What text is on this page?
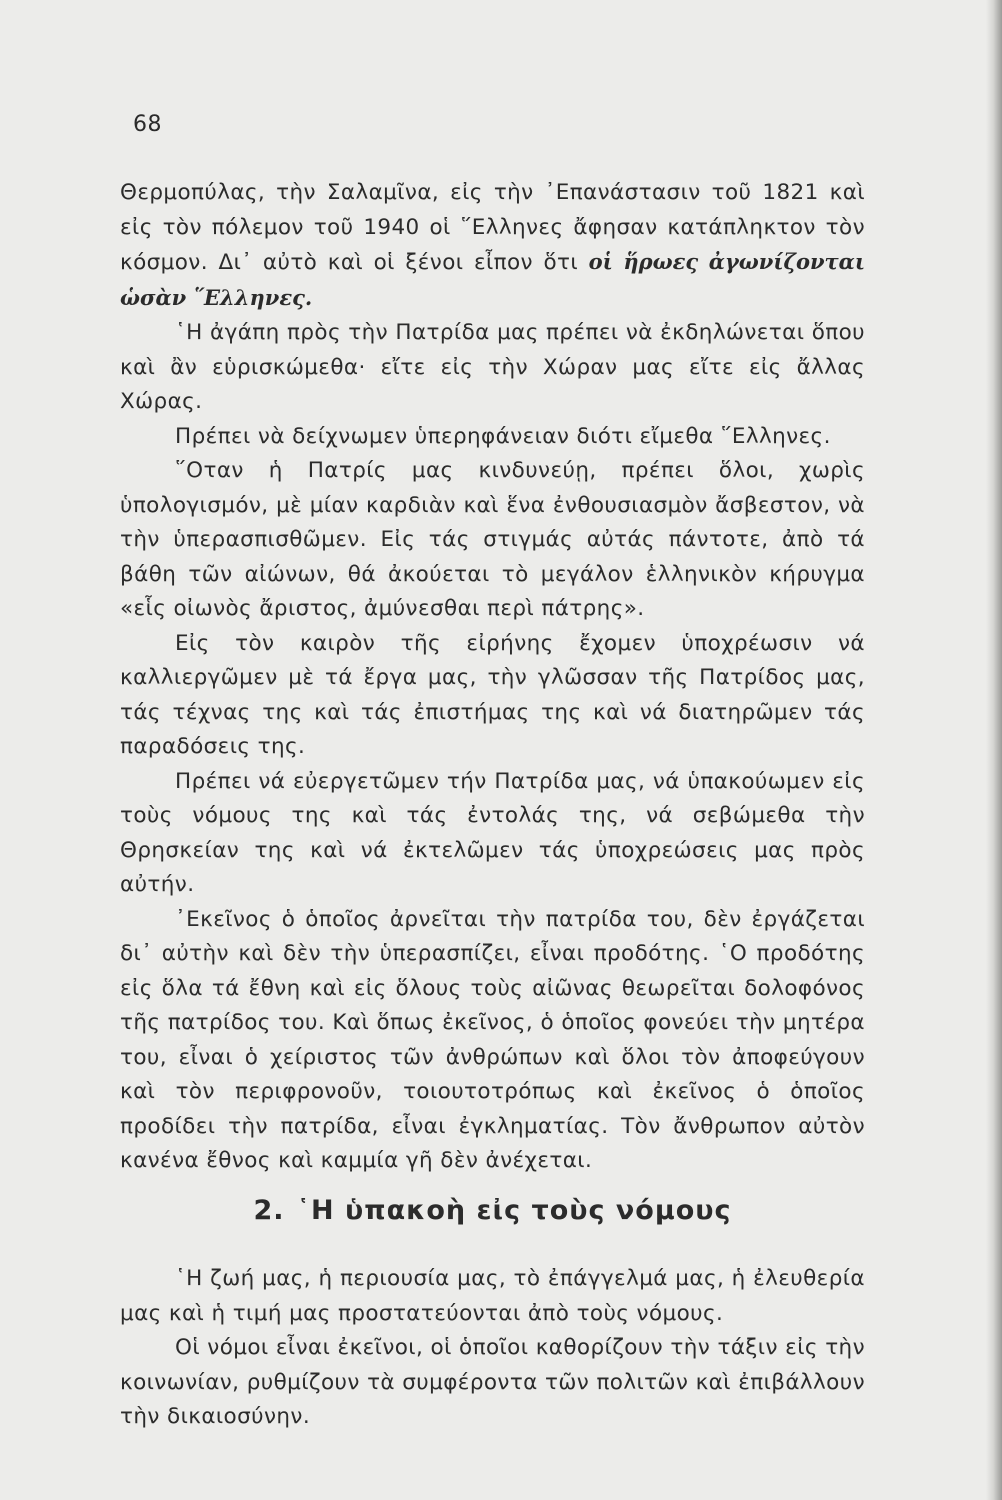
68

Θερμοπύλας, τὴν Σαλαμῖνα, εἰς τὴν ᾿Επανάστασιν τοῦ 1821 καὶ εἰς τὸν πόλεμον τοῦ 1940 οἱ ῞Ελληνες ἄφησαν κατάπληκτον τὸν κόσμον. Δι᾿ αὐτὸ καὶ οἱ ξένοι εἶπον ὅτι οἱ ἥρωες ἀγωνίζονται ὡσὰν ῞Ελληνες.

῾Η ἀγάπη πρὸς τὴν Πατρίδα μας πρέπει νὰ ἐκδηλώνεται ὅπου καὶ ἂν εὑρισκώμεθα· εἴτε εἰς τὴν Χώραν μας εἴτε εἰς ἄλλας Χώρας.

Πρέπει νὰ δείχνωμεν ὑπερηφάνειαν διότι εἴμεθα ῞Ελληνες.

῞Οταν ἡ Πατρίς μας κινδυνεύῃ, πρέπει ὅλοι, χωρὶς ὑπολογισμόν, μὲ μίαν καρδιὰν καὶ ἕνα ἐνθουσιασμὸν ἄσβεστον, νὰ τὴν ὑπερασπισθῶμεν. Εἰς τάς στιγμάς αὐτάς πάντοτε, ἀπὸ τά βάθη τῶν αἰώνων, θά ἀκούεται τὸ μεγάλον ἑλληνικὸν κήρυγμα «εἷς οἰωνὸς ἄριστος, ἀμύνεσθαι περὶ πάτρης».

Εἰς τὸν καιρὸν τῆς εἰρήνης ἔχομεν ὑποχρέωσιν νά καλλιεργῶμεν μὲ τά ἔργα μας, τὴν γλῶσσαν τῆς Πατρίδος μας, τάς τέχνας της καὶ τάς ἐπιστήμας της καὶ νά διατηρῶμεν τάς παραδόσεις της.

Πρέπει νά εὐεργετῶμεν τήν Πατρίδα μας, νά ὑπακούωμεν εἰς τοὺς νόμους της καὶ τάς ἐντολάς της, νά σεβώμεθα τὴν Θρησκείαν της καὶ νά ἐκτελῶμεν τάς ὑποχρεώσεις μας πρὸς αὐτήν.

᾿Εκεῖνος ὁ ὁποῖος ἀρνεῖται τὴν πατρίδα του, δὲν ἐργάζεται δι᾿ αὐτὴν καὶ δὲν τὴν ὑπερασπίζει, εἶναι προδότης. ῾Ο προδότης εἰς ὅλα τά ἔθνη καὶ εἰς ὅλους τοὺς αἰῶνας θεωρεῖται δολοφόνος τῆς πατρίδος του. Καὶ ὅπως ἐκεῖνος, ὁ ὁποῖος φονεύει τὴν μητέρα του, εἶναι ὁ χείριστος τῶν ἀνθρώπων καὶ ὅλοι τὸν ἀποφεύγουν καὶ τὸν περιφρονοῦν, τοιουτοτρόπως καὶ ἐκεῖνος ὁ ὁποῖος προδίδει τὴν πατρίδα, εἶναι ἐγκληματίας. Τὸν ἄνθρωπον αὐτὸν κανένα ἔθνος καὶ καμμία γῆ δὲν ἀνέχεται.

2. ῾Η ὑπακοὴ εἰς τοὺς νόμους

῾Η ζωή μας, ἡ περιουσία μας, τὸ ἐπάγγελμά μας, ἡ ἐλευθερία μας καὶ ἡ τιμή μας προστατεύονται ἀπὸ τοὺς νόμους.

Οἱ νόμοι εἶναι ἐκεῖνοι, οἱ ὁποῖοι καθορίζουν τὴν τάξιν εἰς τὴν κοινωνίαν, ρυθμίζουν τὰ συμφέροντα τῶν πολιτῶν καὶ ἐπιβάλλουν τὴν δικαιοσύνην.
